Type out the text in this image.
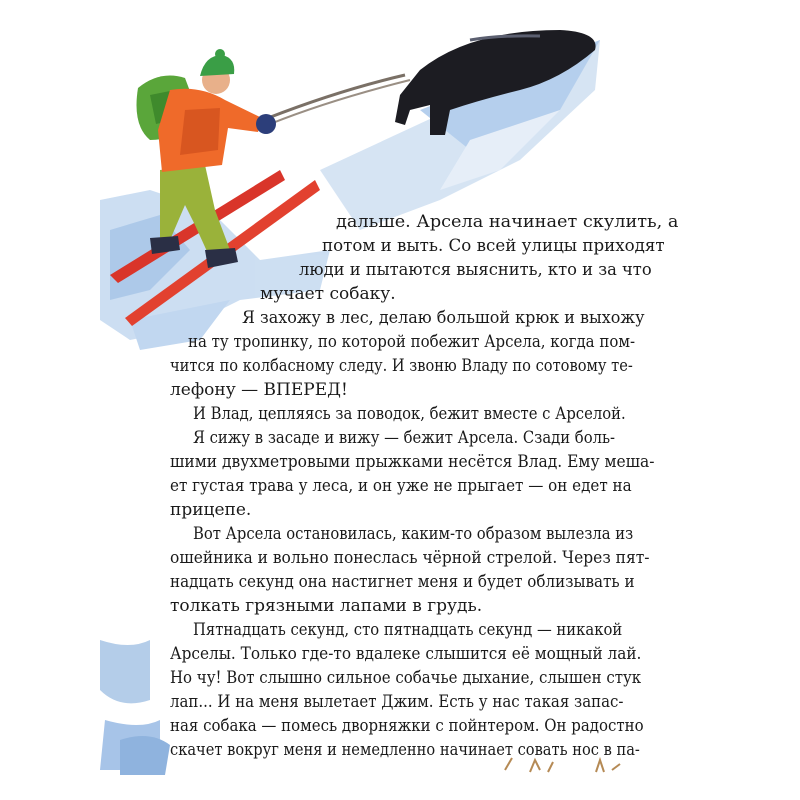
дальше. Арсела начинает скулить, а
потом и выть. Со всей улицы приходят
люди и пытаются выяснить, кто и за что
мучает собаку.
Я захожу в лес, делаю большой крюк и выхожу
на ту тропинку, по которой побежит Арсела, когда пом-
чится по колбасному следу. И звоню Владу по сотовому те-
лефону — ВПЕРЕД!
И Влад, цепляясь за поводок, бежит вместе с Арселой.
Я сижу в засаде и вижу — бежит Арсела. Сзади боль-
шими двухметровыми прыжками несётся Влад. Ему меша-
ет густая трава у леса, и он уже не прыгает — он едет на
прицепе.
Вот Арсела остановилась, каким-то образом вылезла из
ошейника и вольно понеслась чёрной стрелой. Через пят-
надцать секунд она настигнет меня и будет облизывать и
толкать грязными лапами в грудь.
Пятнадцать секунд, сто пятнадцать секунд — никакой
Арселы. Только где-то вдалеке слышится её мощный лай.
Но чу! Вот слышно сильное собачье дыхание, слышен стук
лап... И на меня вылетает Джим. Есть у нас такая запас-
ная собака — помесь дворняжки с пойнтером. Он радостно
скачет вокруг меня и немедленно начинает совать нос в па-
